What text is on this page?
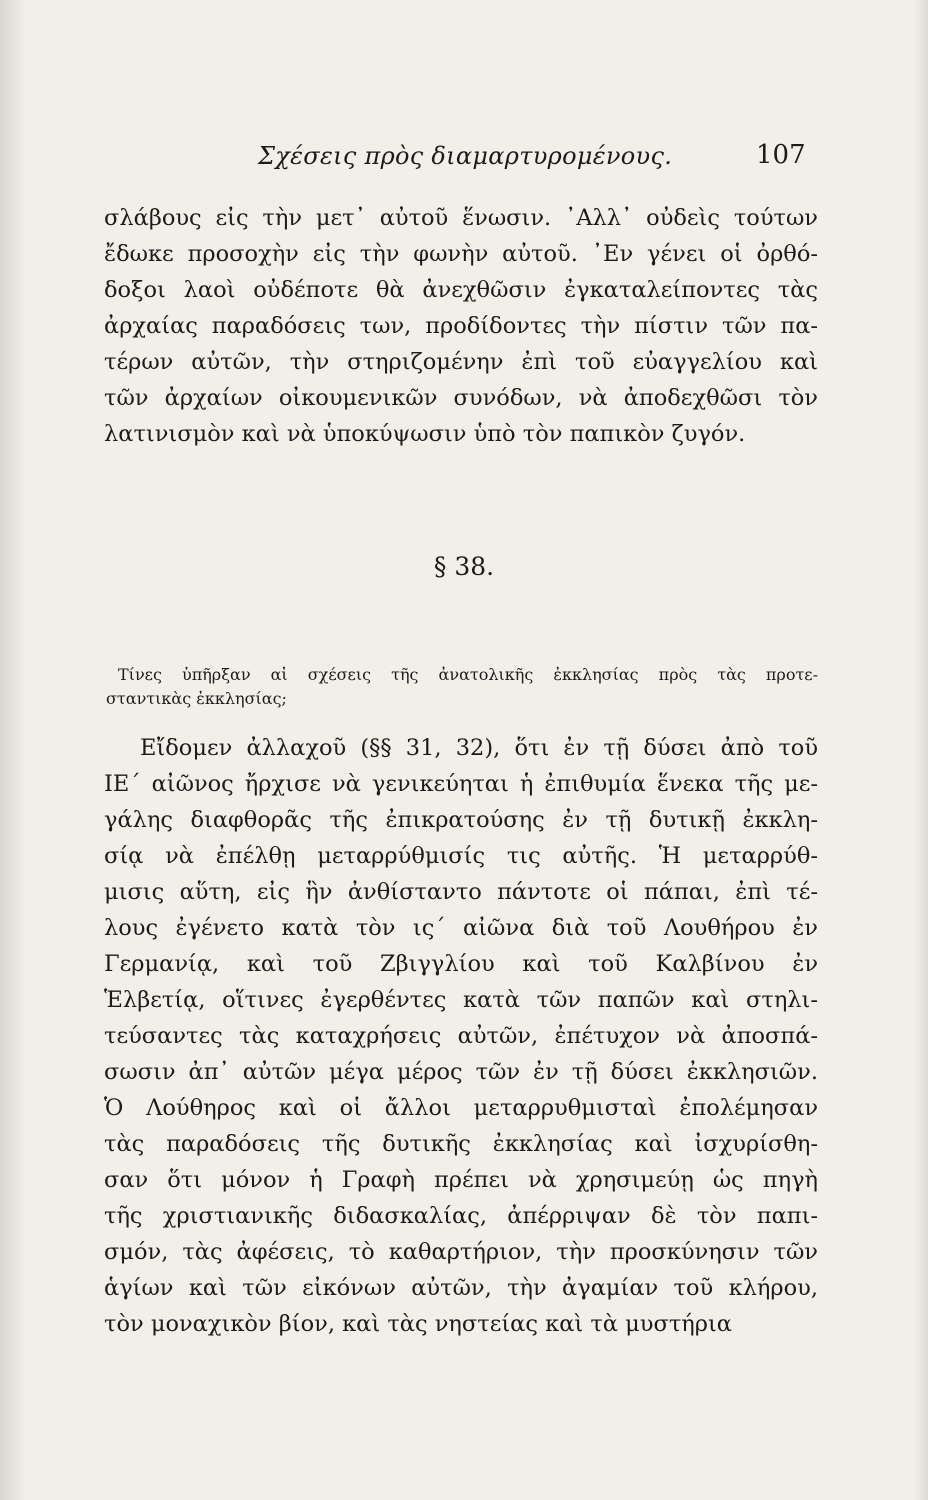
Σχέσεις πρὸς διαμαρτυρομένους.	107
σλάβους εἰς τὴν μετ᾽ αὐτοῦ ἕνωσιν. ᾽Αλλ᾽ οὐδεὶς τούτων
ἔδωκε προσοχὴν εἰς τὴν φωνὴν αὐτοῦ. ᾽Εν γένει οἱ ὀρθό-
δοξοι λαοὶ οὐδέποτε θὰ ἀνεχθῶσιν ἐγκαταλείποντες τὰς
ἀρχαίας παραδόσεις των, προδίδοντες τὴν πίστιν τῶν πα-
τέρων αὐτῶν, τὴν στηριζομένην ἐπὶ τοῦ εὐαγγελίου καὶ
τῶν ἀρχαίων οἰκουμενικῶν συνόδων, νὰ ἀποδεχθῶσι τὸν
λατινισμὸν καὶ νὰ ὑποκύψωσιν ὑπὸ τὸν παπικὸν ζυγόν.
§ 38.
Τίνες ὑπῆρξαν αἱ σχέσεις τῆς ἀνατολικῆς ἐκκλησίας πρὸς τὰς προτε-
σταντικὰς ἐκκλησίας;
Εἴδομεν ἀλλαχοῦ (§§ 31, 32), ὅτι ἐν τῇ δύσει ἀπὸ τοῦ
ΙΕ´ αἰῶνος ἤρχισε νὰ γενικεύηται ἡ ἐπιθυμία ἕνεκα τῆς με-
γάλης διαφθορᾶς τῆς ἐπικρατούσης ἐν τῇ δυτικῇ ἐκκλη-
σίᾳ νὰ ἐπέλθῃ μεταρρύθμισίς τις αὐτῆς. Ἡ μεταρρύθ-
μισις αὕτη, εἰς ἣν ἀνθίσταντο πάντοτε οἱ πάπαι, ἐπὶ τέ-
λους ἐγένετο κατὰ τὸν ις´ αἰῶνα διὰ τοῦ Λουθήρου ἐν
Γερμανίᾳ, καὶ τοῦ Ζβιγγλίου καὶ τοῦ Καλβίνου ἐν
Ἑλβετίᾳ, οἵτινες ἐγερθέντες κατὰ τῶν παπῶν καὶ στηλι-
τεύσαντες τὰς καταχρήσεις αὐτῶν, ἐπέτυχον νὰ ἀποσπά-
σωσιν ἀπ᾽ αὐτῶν μέγα μέρος τῶν ἐν τῇ δύσει ἐκκλησιῶν.
Ὁ Λούθηρος καὶ οἱ ἄλλοι μεταρρυθμισταὶ ἐπολέμησαν
τὰς παραδόσεις τῆς δυτικῆς ἐκκλησίας καὶ ἰσχυρίσθη-
σαν ὅτι μόνον ἡ Γραφὴ πρέπει νὰ χρησιμεύῃ ὡς πηγὴ
τῆς χριστιανικῆς διδασκαλίας, ἀπέρριψαν δὲ τὸν παπι-
σμόν, τὰς ἀφέσεις, τὸ καθαρτήριον, τὴν προσκύνησιν τῶν
ἁγίων καὶ τῶν εἰκόνων αὐτῶν, τὴν ἀγαμίαν τοῦ κλήρου,
τὸν μοναχικὸν βίον, καὶ τὰς νηστείας καὶ τὰ μυστήρια
